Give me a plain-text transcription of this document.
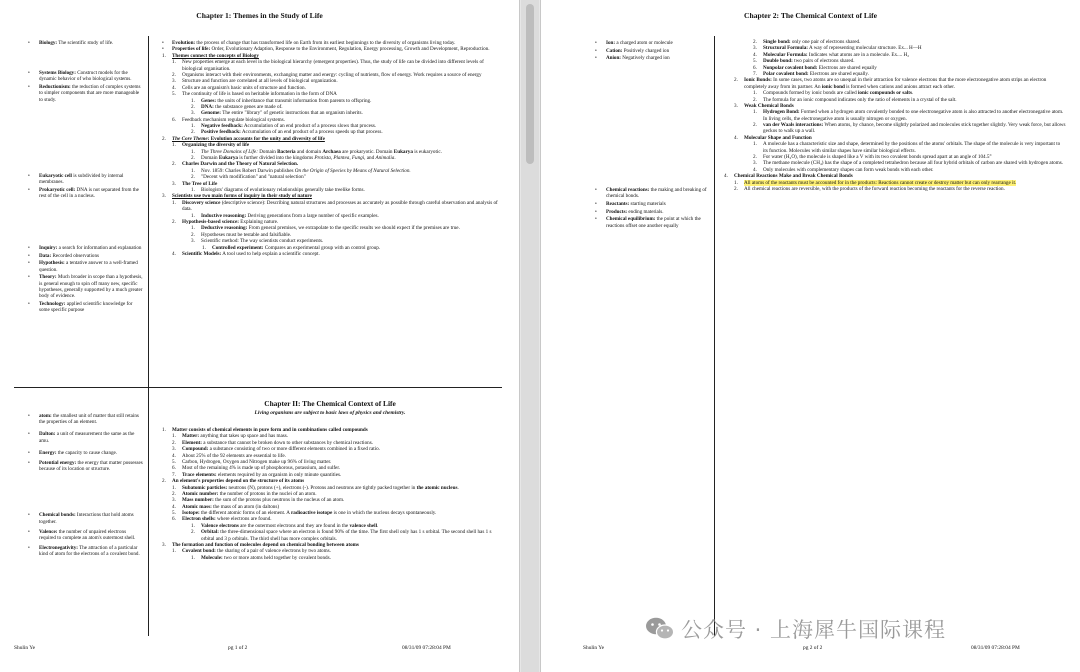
Chapter 1: Themes in the Study of Life
• Biology: The scientific study of life.
• Systems Biology: Construct models for the dynamic behavior of who biological systems.
• Reductionism: the reduction of complex systems to simpler components that are more manageable to study.
• Eukaryotic cell is subdivided by internal membranes.
• Prokaryotic cell: DNA is not separated from the rest of the cell in a nucleus.
• Inquiry: a search for information and explanation
• Data: Recorded observations
• Hypothesis: a tentative answer to a well-framed question.
• Theory: Much broader in scope than a hypothesis, is general enough to spin off many new, specific hypotheses, generally supported by a much greater body of evidence.
• Technology: applied scientific knowledge for some specific purpose
•	Evolution: the process of change that has transformed life on Earth from its earliest beginnings to the diversity of organisms living today.
•	Properties of life: Order, Evolutionary Adaption, Response to the Environment, Regulation, Energy processing, Growth and Development, Reproduction.
1.	Themes connect the concepts of Biology
1.	New properties emerge at each level in the biological hierarchy (emergent properties). Thus, the study of life can be divided into different levels of biological organisation.
2.	Organisms interact with their environments, exchanging matter and energy: cycling of nutrients, flow of energy. Work requires a source of energy
3.	Structure and function are correlated at all levels of biological organization.
4.	Cells are an organism's basic units of structure and function.
5.	The continuity of life is based on heritable information in the form of DNA
1.	Genes: the units of inheritance that transmit information from parents to offspring.
2.	DNA: the substance genes are made of.
3.	Genome: The entire "library" of genetic instructions that an organism inherits.
6.	Feedback mechanism regulate biological systems.
1.	Negative feedback: Accumulation of an end product of a process slows that process.
2.	Positive feedback: Accumulation of an end product of a process speeds up that process.
2.	The Core Theme: Evolution accounts for the unity and diversity of life
1.	Organizing the diversity of life
1.	The Three Domains of Life: Domain Bacteria and domain Archaea are prokaryotic. Domain Eukarya is eukaryotic.
2.	Domain Eukarya is further divided into the kingdoms Protista, Plantea, Fungi, and Animalia.
2.	Charles Darwin and the Theory of Natural Selection.
1.	Nov. 1859: Charles Robert Darwin publishes On the Origin of Species by Means of Natural Selection.
2.	"Decent with modification" and "natural selection"
3.	The Tree of Life
1.	Biologists' diagrams of evolutionary relationships generally take treelike forms.
3.	Scientists use two main forms of inquiry in their study of nature
1.	Discovery science (descriptive science): Describing natural structures and processes as accurately as possible through careful observation and analysis of data.
1.	Inductive reasoning: Deriving generations from a large number of specific examples.
2.	Hypothesis-based science: Explaining nature.
1.	Deductive reasoning: From general premises, we extrapolate to the specific results we should expect if the premises are true.
2.	Hypotheses must be testable and falsifiable.
3.	Scientific method: The way scientists conduct experiments.
1.	Controlled experiment: Compares an experimental group with an control group.
4.	Scientific Models: A tool used to help explain a scientific concept.
Chapter II: The Chemical Context of Life
Living organisms are subject to basic laws of physics and chemistry.
• atom: the smallest unit of matter that still retains the properties of an element.
• Dalton: a unit of measurement the same as the amu.
• Energy: the capacity to cause change.
• Potential energy: the energy that matter possesses because of its location or structure.
• Chemical bonds: Interactions that hold atoms together.
• Valence: the number of unpaired electrons required to complete an atom's outermost shell.
• Electronegativity: The attraction of a particular kind of atom for the electrons of a covalent bond.
1.	Matter consists of chemical elements in pure form and in combinations called compounds
1.	Matter: anything that takes up space and has mass.
2.	Element: a substance that cannot be broken down to other substances by chemical reactions.
3.	Compound: a substance consisting of two or more different elements combined in a fixed ratio.
4.	About 25% of the 92 elements are essential to life.
5.	Carbon, Hydrogen, Oxygen and Nitrogen make up 96% of living matter.
6.	Most of the remaining 4% is made up of phosphorous, potassium, and sulfer.
7.	Trace elements: elements required by an organism in only minute quantities.
2.	An element's properties depend on the structure of its atoms
1.	Subatomic particles: neutrons (N), protons (+), electrons (-). Protons and neutrons are tightly packed together in the atomic nucleus.
2.	Atomic number: the number of protons in the nuclei of an atom.
3.	Mass number: the sum of the protons plus neutrons in the nucleus of an atom.
4.	Atomic mass: the mass of an atom (in daltons)
5.	Isotope: the different atomic forms of an element. A radioactive isotope is one in which the nucleus decays spontaneously.
6.	Electron shells: where electrons are found.
1.	Valence electrons are the outermost electrons and they are found in the valence shell.
2.	Orbital: the three-dimensional space where an electron is found 90% of the time. The first shell only has 1 s orbital. The second shell has 1 s orbital and 3 p orbitals. The third shell has more complex orbitals.
3.	The formation and function of molecules depend on chemical bonding between atoms
1.	Covalent bond: the sharing of a pair of valence electrons by two atoms.
1.	Molecule: two or more atoms held together by covalent bonds.
Shulin Ye	pg 1 of 2	08/31/09 07:28:04 PM
Chapter 2: The Chemical Context of Life
• Ion: a charged atom or molecule
• Cation: Positively charged ion
• Anion: Negatively charged ion
• Chemical reactions: the making and breaking of chemical bonds.
• Reactants: starting materials
• Products: ending materials.
• Chemical equilibrium: the point at which the reactions offset one another equally
2.	Single bond: only one pair of electrons shared.
3.	Structural Formula: A way of representing molecular structure. Ex... H—H
4.	Molecular Formula: Indicates what atoms are in a molecule. Ex.... H₂
5.	Double bond: two pairs of electrons shared.
6.	Nonpolar covalent bond: Electrons are shared equally
7.	Polar covalent bond: Electrons are shared equally.
2.	Ionic Bonds: In some cases, two atoms are so unequal in their attraction for valence electrons that the more electronegative atom strips an electron completely away from its partner. An ionic bond is formed when cations and anions attract each other.
1.	Compounds formed by ionic bonds are called ionic compounds or salts.
2.	The formula for an ionic compound indicates only the ratio of elements in a crystal of the salt.
3.	Weak Chemical Bonds
1.	Hydrogen Bond: Formed when a hydrogen atom covalently bonded to one electronegative atom is also attracted to another electronegative atom. In living cells, the electronegative atom is usually nitrogen or oxygen.
2.	van der Waals interactions: When atoms, by chance, become slightly polarized and molecules stick together slightly. Very weak force, but allows geckos to walk up a wall.
4.	Molecular Shape and Function
1.	A molecule has a characteristic size and shape, determined by the positions of the atoms' orbitals. The shape of the molecule is very important to its function. Molecules with similar shapes have similar biological effects.
2.	For water (H₂O), the molecule is shaped like a V with its two covalent bonds spread apart at an angle of 104.5°
3.	The methane molecule (CH₄) has the shape of a completed tetrahedron because all four hybrid orbitals of carbon are shared with hydrogen atoms.
4.	Only molecules with complementary shapes can form weak bonds with each other.
4.	Chemical Reactions Make and Break Chemical Bonds
1.	All atoms of the reactants must be accounted for in the products: Reactions cannot create or destroy matter but can only rearrange it.
2.	All chemical reactions are reversible, with the products of the forward reaction becoming the reactants for the reverse reaction.
Shulin Ye	pg 2 of 2	08/31/09 07:28:04 PM
公众号 · 上海犀牛国际课程
